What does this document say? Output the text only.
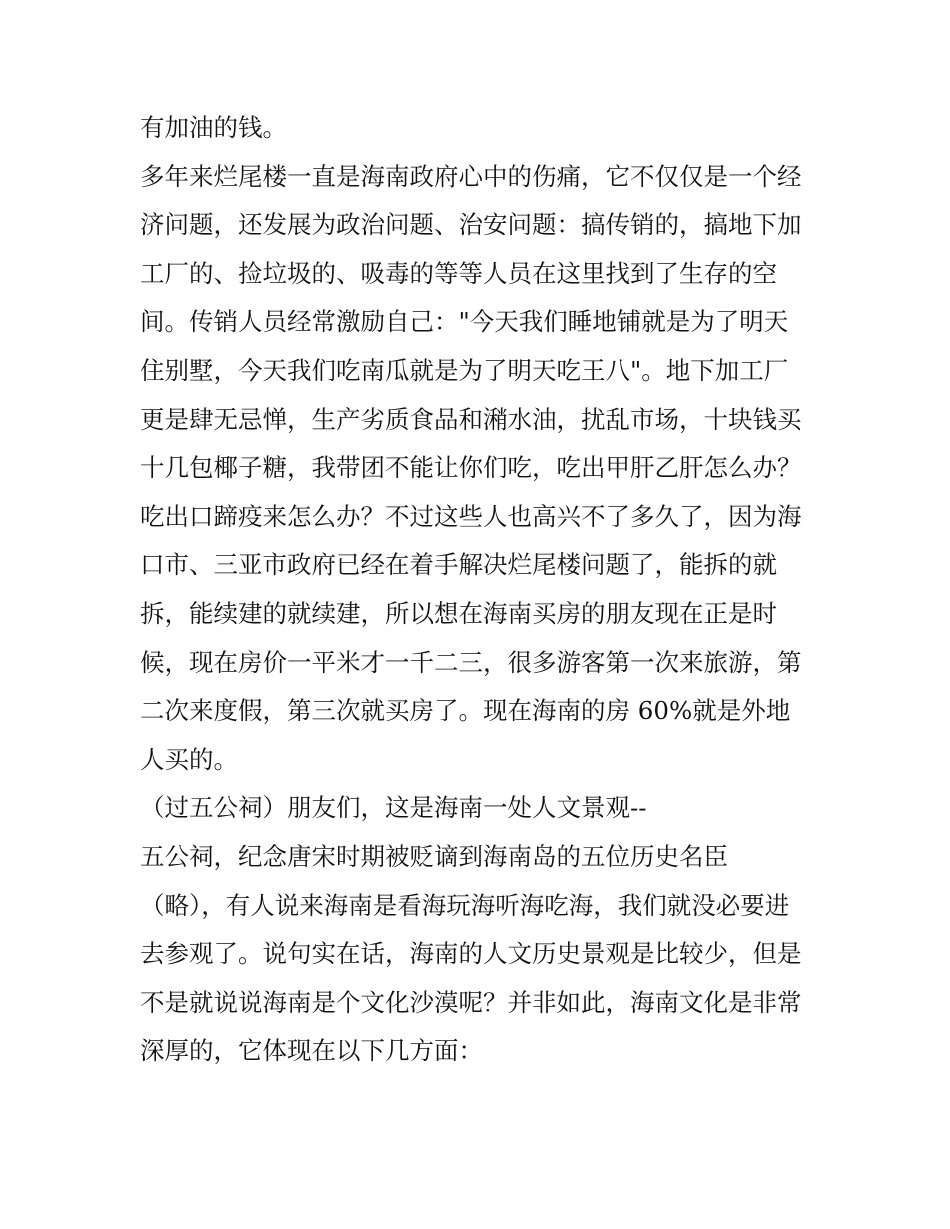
有加油的钱。

多年来烂尾楼一直是海南政府心中的伤痛，它不仅仅是一个经

济问题，还发展为政治问题、治安问题：搞传销的，搞地下加

工厂的、捡垃圾的、吸毒的等等人员在这里找到了生存的空

间。传销人员经常激励自己："今天我们睡地铺就是为了明天

住别墅，今天我们吃南瓜就是为了明天吃王八"。地下加工厂

更是肆无忌惮，生产劣质食品和潲水油，扰乱市场，十块钱买

十几包椰子糖，我带团不能让你们吃，吃出甲肝乙肝怎么办？

吃出口蹄疫来怎么办？不过这些人也高兴不了多久了，因为海

口市、三亚市政府已经在着手解决烂尾楼问题了，能拆的就

拆，能续建的就续建，所以想在海南买房的朋友现在正是时

候，现在房价一平米才一千二三，很多游客第一次来旅游，第

二次来度假，第三次就买房了。现在海南的房 60%就是外地

人买的。

（过五公祠）朋友们，这是海南一处人文景观--

五公祠，纪念唐宋时期被贬谪到海南岛的五位历史名臣

（略），有人说来海南是看海玩海听海吃海，我们就没必要进

去参观了。说句实在话，海南的人文历史景观是比较少，但是

不是就说说海南是个文化沙漠呢？并非如此，海南文化是非常

深厚的，它体现在以下几方面：
